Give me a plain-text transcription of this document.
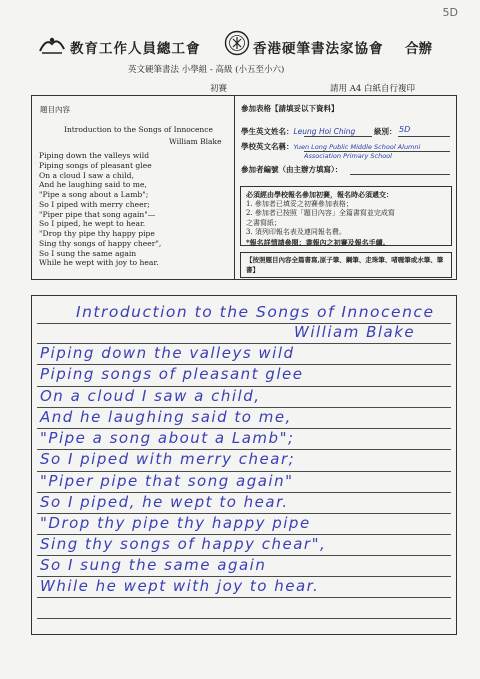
5D
教育工作人員總工會	香港硬筆書法家協會 合辦
英文硬筆書法 小學組 - 高級 (小五至小六)
初賽	請用 A4 白紙自行複印
題目內容
Introduction to the Songs of Innocence
William Blake
Piping down the valleys wild
Piping songs of pleasant glee
On a cloud I saw a child,
And he laughing said to me,
"Pipe a song about a Lamb";
So I piped with merry cheer;
"Piper pipe that song again"—
So I piped, he wept to hear.
"Drop thy pipe thy happy pipe
Sing thy songs of happy cheer",
So I sung the same again
While he wept with joy to hear.
參加表格【請填妥以下資料】
學生英文姓名：Leung Hoi Ching	級別： 5D
學校英文名稱：Yuen Long Public Middle School Alumni
Association Primary School
參加者編號（由主辦方填寫）：
必須經由學校報名參加初賽，報名時必須遞交：
1. 參加者已填妥之初賽參加表格；
2. 參加者已按照「題目內容」全篇書寫並完成寫
之書寫紙；
3. 須列印報名表及連同報名費。
*報名詳情請參閱：書報內之初賽及報名手續。
【按照題目內容全篇書寫,原子筆、鋼筆、走珠筆、啫喱筆或水筆、筆書】
Introduction to the Songs of Innocence
William Blake
Piping down the valleys wild
Piping songs of pleasant glee
On a cloud I saw a child,
And he laughing said to me,
"Pipe a song about a Lamb";
So I piped with merry chear;
"Piper pipe that song again"
So I piped, he wept to hear.
"Drop thy pipe thy happy pipe
Sing thy songs of happy chear",
So I sung the same again
While he wept with joy to hear.
